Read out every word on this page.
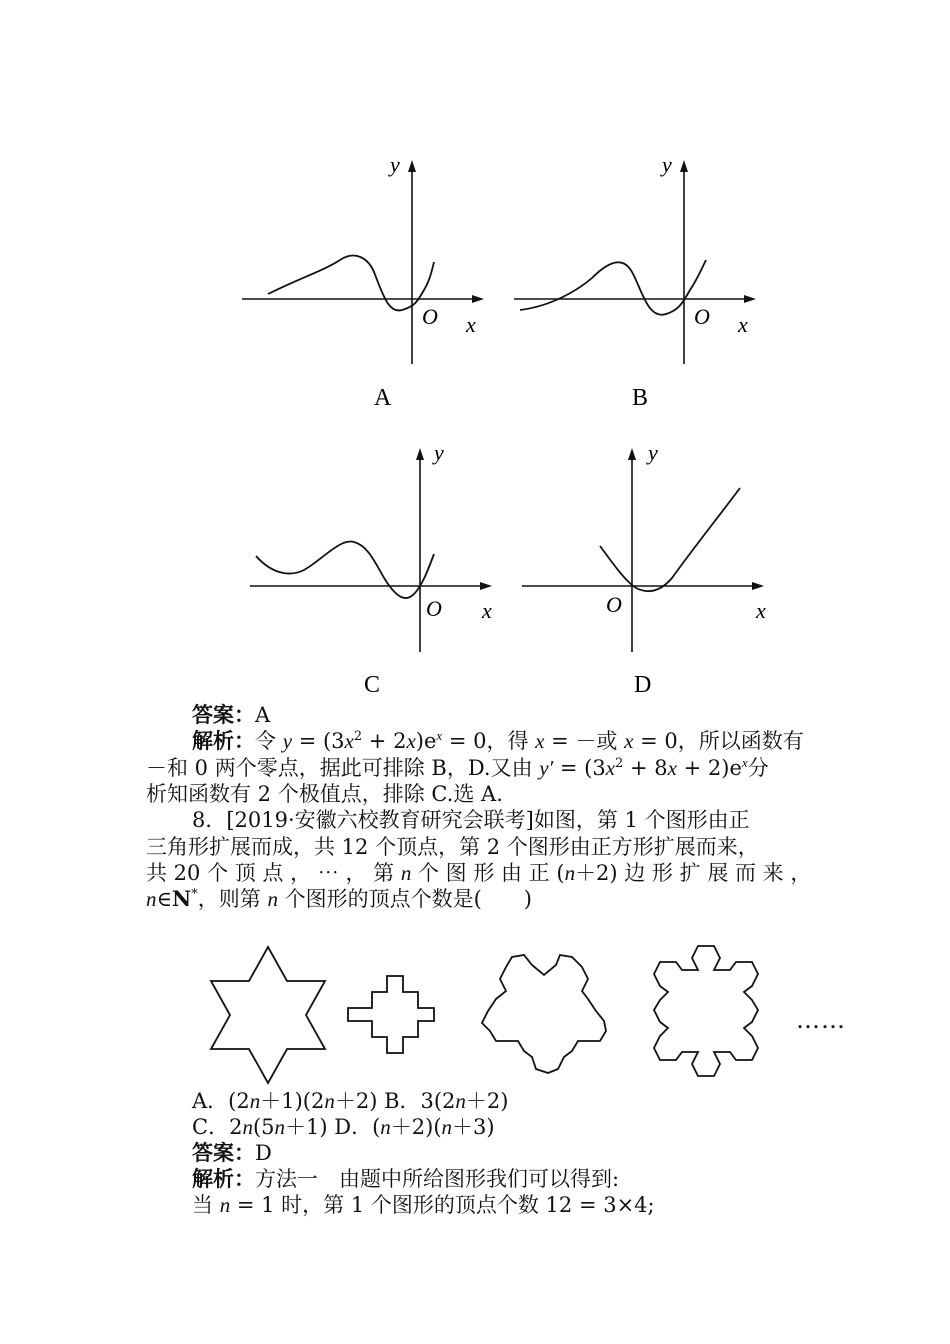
y
O x
A
y
O x
B
y
O x
C
y
O	x
D
答案：A
解析：令 $y = (3x^2 + 2x)e^x = 0$，得 x = －或 x = 0，所以函数有
－和 0 两个零点，据此可排除 B，D.又由 $y' = (3x^2 + 8x + 2)e^x$分
析知函数有 2 个极值点，排除 C.选 A.
8．[2019·安徽六校教育研究会联考]如图，第 1 个图形由正
三角形扩展而成，共 12 个顶点，第 2 个图形由正方形扩展而来，
共 20 个 顶 点 ， ⋯ ， 第 n 个 图 形 由 正 (n＋2) 边 形 扩 展 而 来 ，
n∈N*，则第 n 个图形的顶点个数是(　　)
……
A．(2n＋1)(2n＋2) B．3(2n＋2)
C．2n(5n＋1) D．(n＋2)(n＋3)
答案：D
解析：方法一　由题中所给图形我们可以得到:
当 n = 1 时，第 1 个图形的顶点个数 12 = 3×4;
